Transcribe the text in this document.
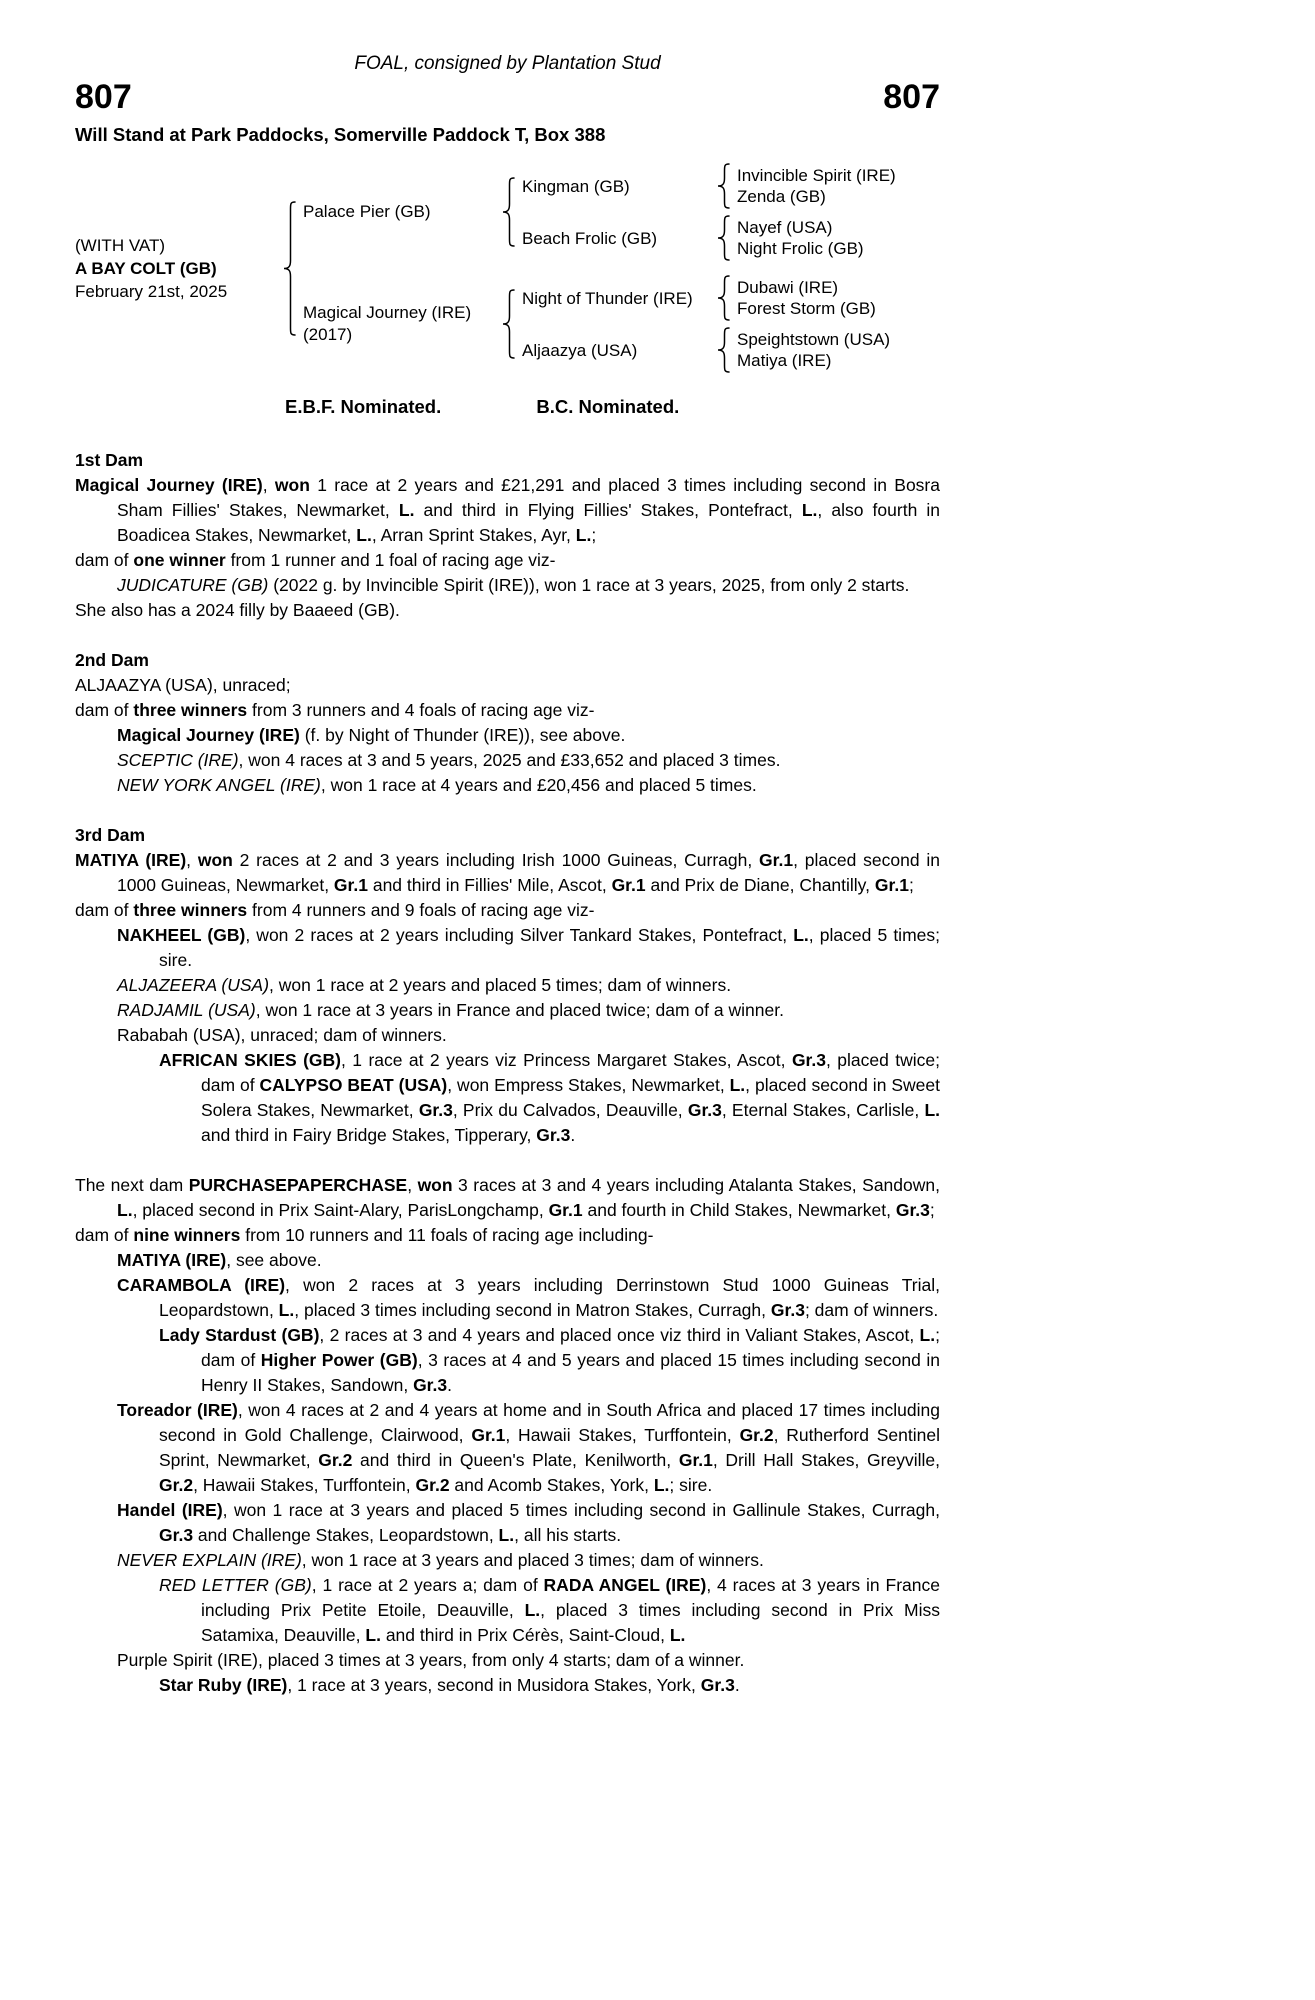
FOAL, consigned by Plantation Stud
807	807
Will Stand at Park Paddocks, Somerville Paddock T, Box 388
(WITH VAT)
A BAY COLT (GB)
February 21st, 2025
Palace Pier (GB)
Kingman (GB)
Invincible Spirit (IRE)
Zenda (GB)
Beach Frolic (GB)
Nayef (USA)
Night Frolic (GB)
Magical Journey (IRE)
(2017)
Night of Thunder (IRE)
Dubawi (IRE)
Forest Storm (GB)
Aljaazya (USA)
Speightstown (USA)
Matiya (IRE)
E.B.F. Nominated.	B.C. Nominated.
1st Dam
Magical Journey (IRE), won 1 race at 2 years and £21,291 and placed 3 times including second in Bosra Sham Fillies' Stakes, Newmarket, L. and third in Flying Fillies' Stakes, Pontefract, L., also fourth in Boadicea Stakes, Newmarket, L., Arran Sprint Stakes, Ayr, L.;
dam of one winner from 1 runner and 1 foal of racing age viz-
JUDICATURE (GB) (2022 g. by Invincible Spirit (IRE)), won 1 race at 3 years, 2025, from only 2 starts.
She also has a 2024 filly by Baaeed (GB).
2nd Dam
ALJAAZYA (USA), unraced;
dam of three winners from 3 runners and 4 foals of racing age viz-
Magical Journey (IRE) (f. by Night of Thunder (IRE)), see above.
SCEPTIC (IRE), won 4 races at 3 and 5 years, 2025 and £33,652 and placed 3 times.
NEW YORK ANGEL (IRE), won 1 race at 4 years and £20,456 and placed 5 times.
3rd Dam
MATIYA (IRE), won 2 races at 2 and 3 years including Irish 1000 Guineas, Curragh, Gr.1, placed second in 1000 Guineas, Newmarket, Gr.1 and third in Fillies' Mile, Ascot, Gr.1 and Prix de Diane, Chantilly, Gr.1;
dam of three winners from 4 runners and 9 foals of racing age viz-
NAKHEEL (GB), won 2 races at 2 years including Silver Tankard Stakes, Pontefract, L., placed 5 times; sire.
ALJAZEERA (USA), won 1 race at 2 years and placed 5 times; dam of winners.
RADJAMIL (USA), won 1 race at 3 years in France and placed twice; dam of a winner.
Rababah (USA), unraced; dam of winners.
AFRICAN SKIES (GB), 1 race at 2 years viz Princess Margaret Stakes, Ascot, Gr.3, placed twice; dam of CALYPSO BEAT (USA), won Empress Stakes, Newmarket, L., placed second in Sweet Solera Stakes, Newmarket, Gr.3, Prix du Calvados, Deauville, Gr.3, Eternal Stakes, Carlisle, L. and third in Fairy Bridge Stakes, Tipperary, Gr.3.
The next dam PURCHASEPAPERCHASE, won 3 races at 3 and 4 years including Atalanta Stakes, Sandown, L., placed second in Prix Saint-Alary, ParisLongchamp, Gr.1 and fourth in Child Stakes, Newmarket, Gr.3;
dam of nine winners from 10 runners and 11 foals of racing age including-
MATIYA (IRE), see above.
CARAMBOLA (IRE), won 2 races at 3 years including Derrinstown Stud 1000 Guineas Trial, Leopardstown, L., placed 3 times including second in Matron Stakes, Curragh, Gr.3; dam of winners.
Lady Stardust (GB), 2 races at 3 and 4 years and placed once viz third in Valiant Stakes, Ascot, L.; dam of Higher Power (GB), 3 races at 4 and 5 years and placed 15 times including second in Henry II Stakes, Sandown, Gr.3.
Toreador (IRE), won 4 races at 2 and 4 years at home and in South Africa and placed 17 times including second in Gold Challenge, Clairwood, Gr.1, Hawaii Stakes, Turffontein, Gr.2, Rutherford Sentinel Sprint, Newmarket, Gr.2 and third in Queen's Plate, Kenilworth, Gr.1, Drill Hall Stakes, Greyville, Gr.2, Hawaii Stakes, Turffontein, Gr.2 and Acomb Stakes, York, L.; sire.
Handel (IRE), won 1 race at 3 years and placed 5 times including second in Gallinule Stakes, Curragh, Gr.3 and Challenge Stakes, Leopardstown, L., all his starts.
NEVER EXPLAIN (IRE), won 1 race at 3 years and placed 3 times; dam of winners.
RED LETTER (GB), 1 race at 2 years a; dam of RADA ANGEL (IRE), 4 races at 3 years in France including Prix Petite Etoile, Deauville, L., placed 3 times including second in Prix Miss Satamixa, Deauville, L. and third in Prix Cérès, Saint-Cloud, L.
Purple Spirit (IRE), placed 3 times at 3 years, from only 4 starts; dam of a winner.
Star Ruby (IRE), 1 race at 3 years, second in Musidora Stakes, York, Gr.3.
